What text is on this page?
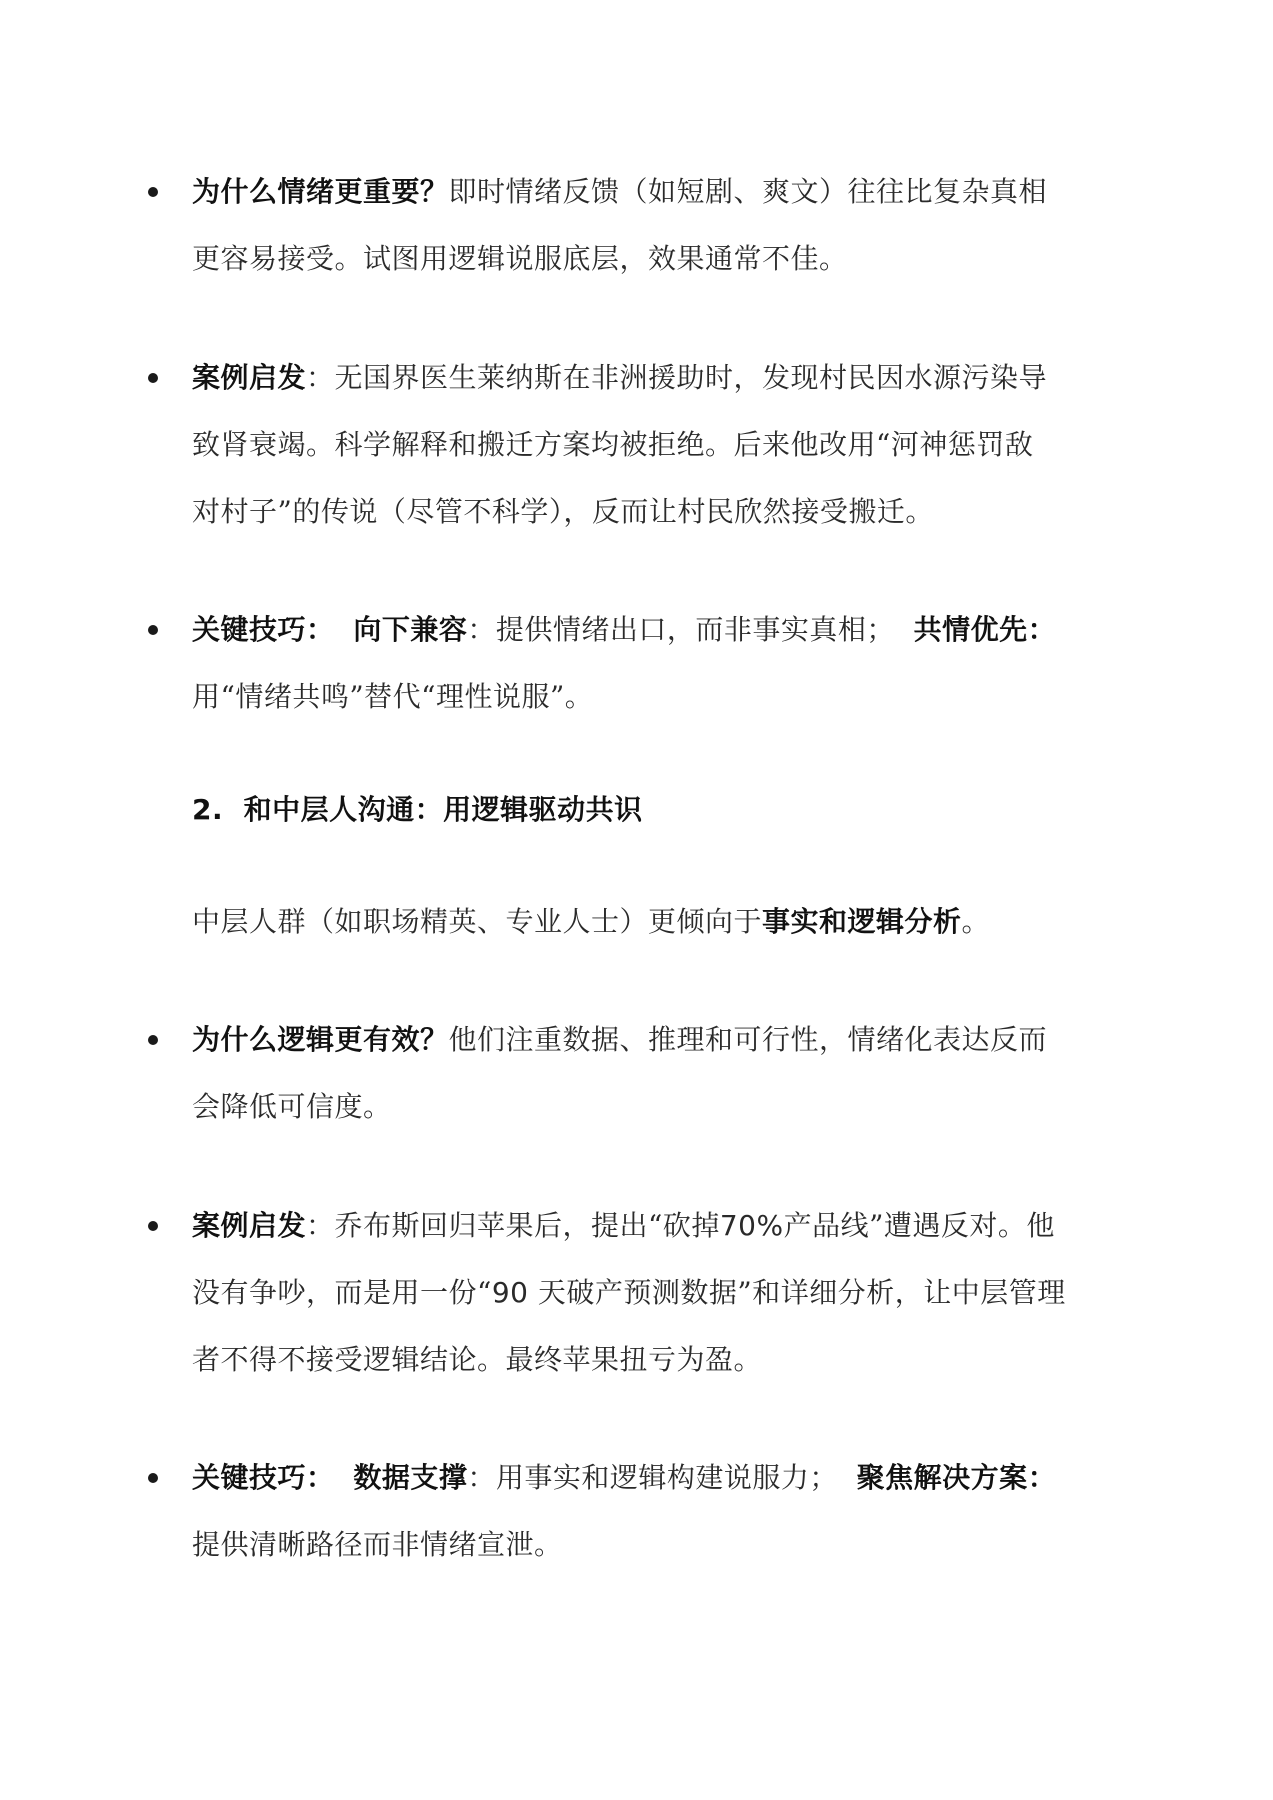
为什么情绪更重要？即时情绪反馈（如短剧、爽文）往往比复杂真相
更容易接受。试图用逻辑说服底层，效果通常不佳。
案例启发：无国界医生莱纳斯在非洲援助时，发现村民因水源污染导
致肾衰竭。科学解释和搬迁方案均被拒绝。后来他改用“河神惩罚敌
对村子”的传说（尽管不科学），反而让村民欣然接受搬迁。
关键技巧： 向下兼容：提供情绪出口，而非事实真相； 共情优先：
用“情绪共鸣”替代“理性说服”。
2. 和中层人沟通：用逻辑驱动共识
中层人群（如职场精英、专业人士）更倾向于事实和逻辑分析。
为什么逻辑更有效？他们注重数据、推理和可行性，情绪化表达反而
会降低可信度。
案例启发：乔布斯回归苹果后，提出“砍掉70%产品线”遭遇反对。他
没有争吵，而是用一份“90 天破产预测数据”和详细分析，让中层管理
者不得不接受逻辑结论。最终苹果扭亏为盈。
关键技巧： 数据支撑：用事实和逻辑构建说服力； 聚焦解决方案：
提供清晰路径而非情绪宣泄。
